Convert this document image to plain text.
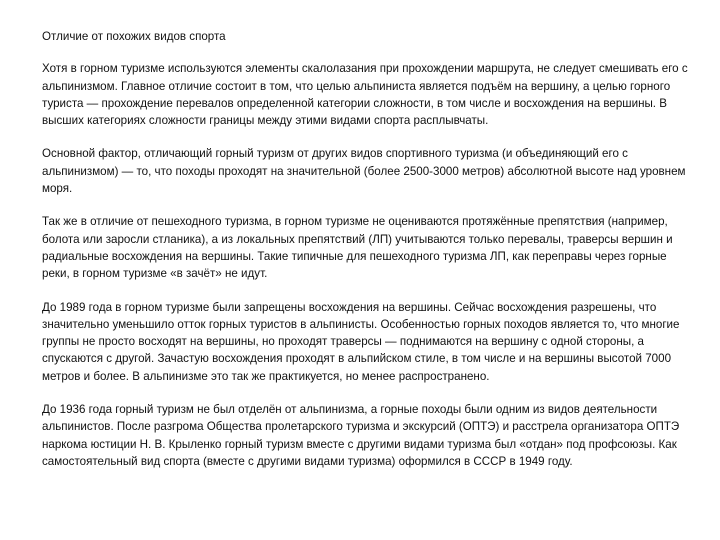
Отличие от похожих видов спорта

Хотя в горном туризме используются элементы скалолазания при прохождении маршрута, не следует смешивать его с альпинизмом. Главное отличие состоит в том, что целью альпиниста является подъём на вершину, а целью горного туриста — прохождение перевалов определенной категории сложности, в том числе и восхождения на вершины. В высших категориях сложности границы между этими видами спорта расплывчаты.

Основной фактор, отличающий горный туризм от других видов спортивного туризма (и объединяющий его с альпинизмом) — то, что походы проходят на значительной (более 2500-3000 метров) абсолютной высоте над уровнем моря.

Так же в отличие от пешеходного туризма, в горном туризме не оцениваются протяжённые препятствия (например, болота или заросли стланика), а из локальных препятствий (ЛП) учитываются только перевалы, траверсы вершин и радиальные восхождения на вершины. Такие типичные для пешеходного туризма ЛП, как переправы через горные реки, в горном туризме «в зачёт» не идут.

До 1989 года в горном туризме были запрещены восхождения на вершины. Сейчас восхождения разрешены, что значительно уменьшило отток горных туристов в альпинисты. Особенностью горных походов является то, что многие группы не просто восходят на вершины, но проходят траверсы — поднимаются на вершину с одной стороны, а спускаются с другой. Зачастую восхождения проходят в альпийском стиле, в том числе и на вершины высотой 7000 метров и более. В альпинизме это так же практикуется, но менее распространено.

До 1936 года горный туризм не был отделён от альпинизма, а горные походы были одним из видов деятельности альпинистов. После разгрома Общества пролетарского туризма и экскурсий (ОПТЭ) и расстрела организатора ОПТЭ наркома юстиции Н. В. Крыленко горный туризм вместе с другими видами туризма был «отдан» под профсоюзы. Как самостоятельный вид спорта (вместе с другими видами туризма) оформился в СССР в 1949 году.
